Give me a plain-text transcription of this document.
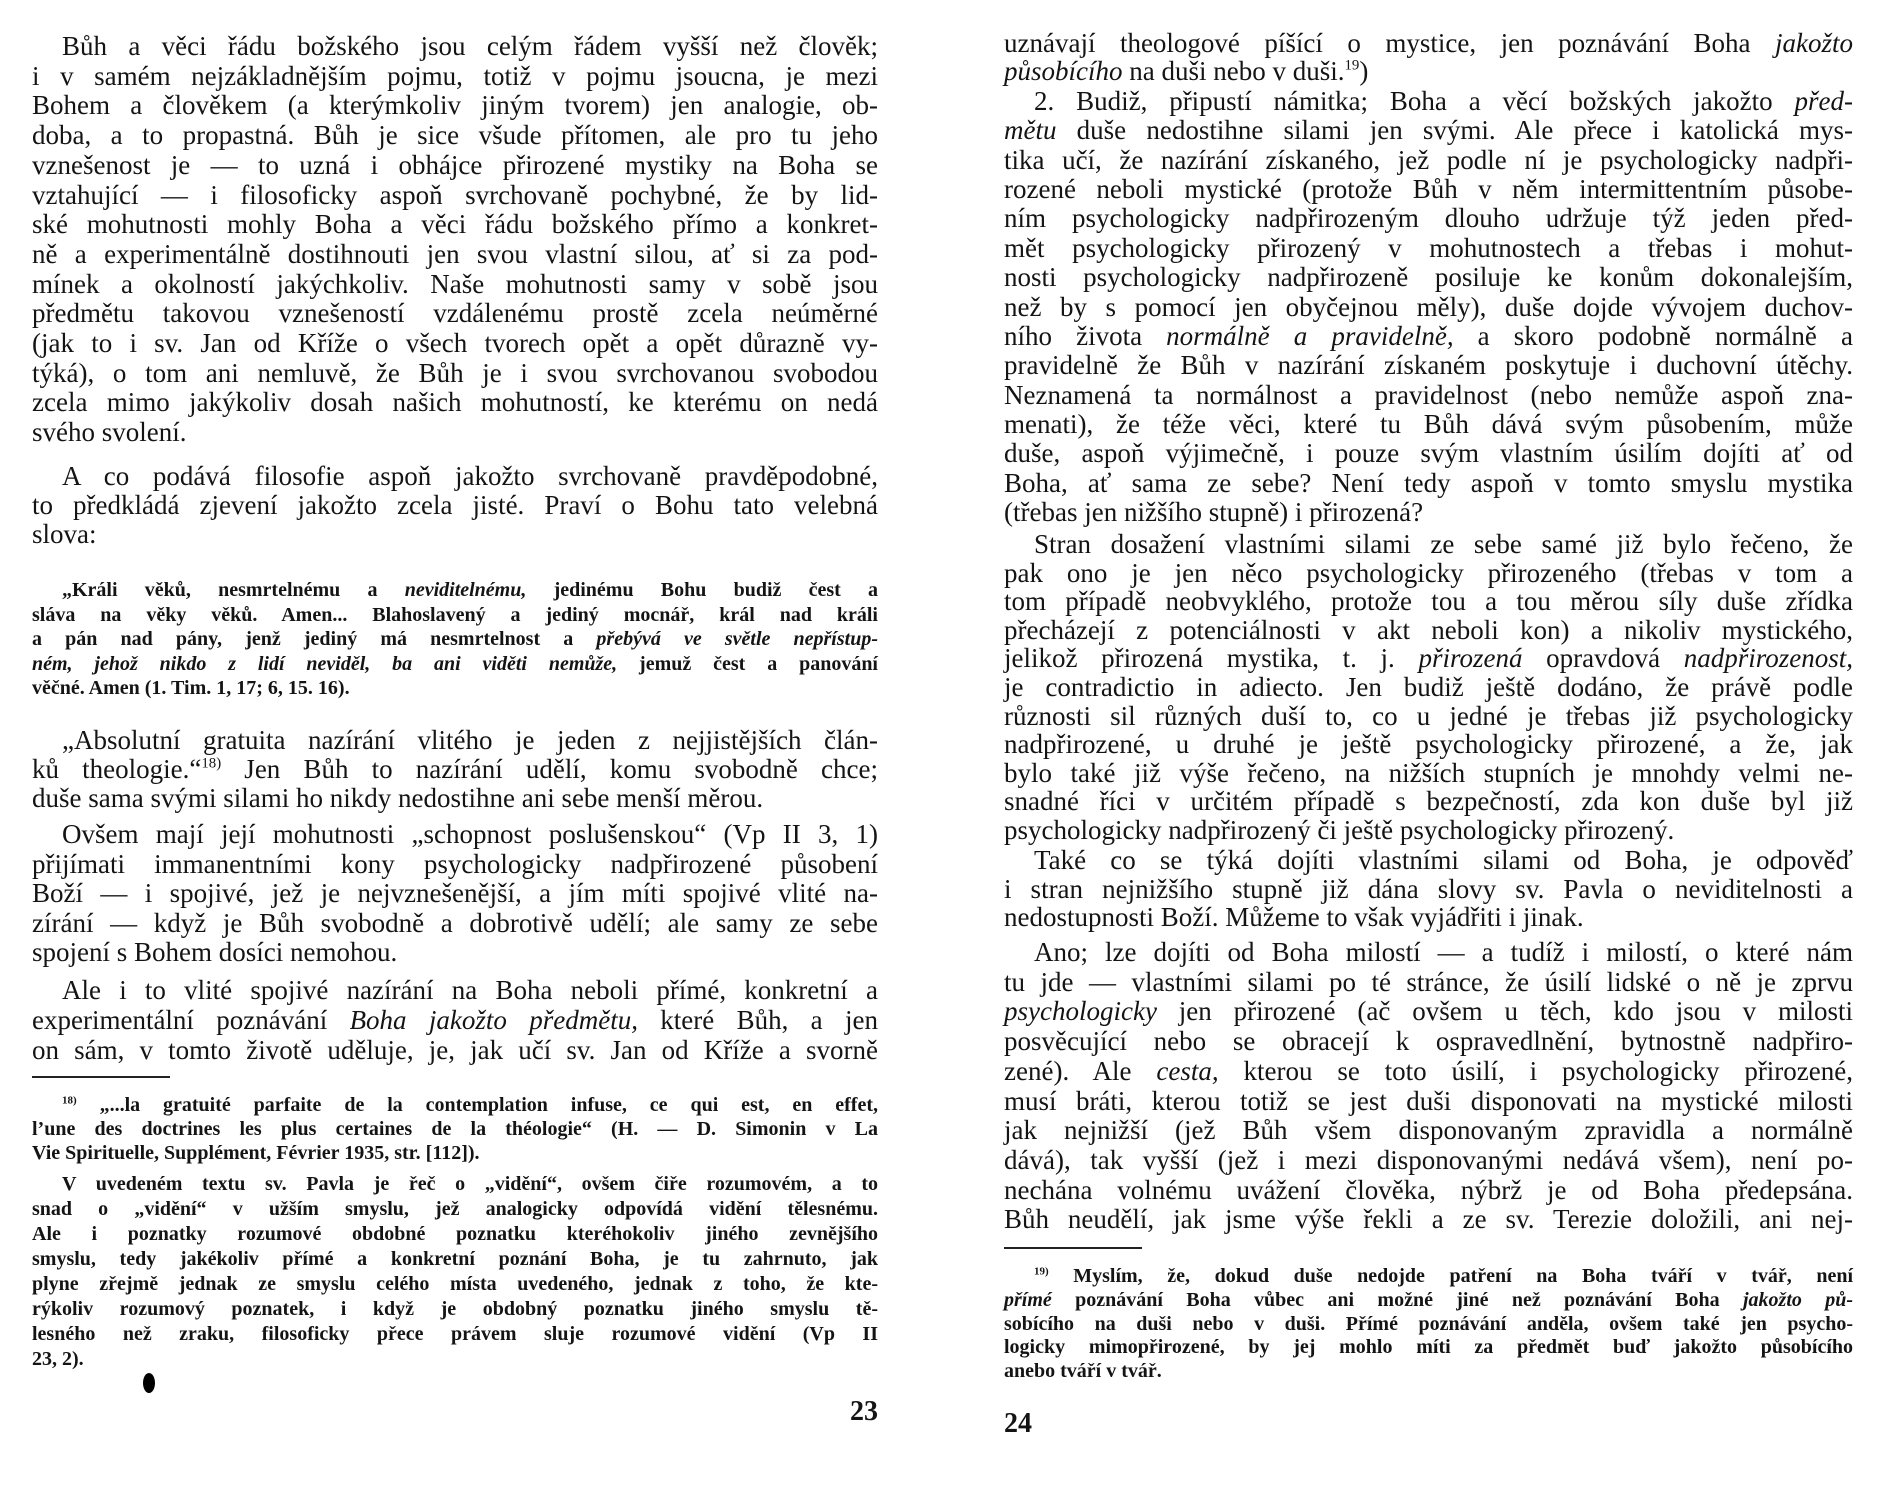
23
Bůh a věci řádu božského jsou celým řádem vyšší než člověk;
i v samém nejzákladnějším pojmu, totiž v pojmu jsoucna, je mezi
Bohem a člověkem (a kterýmkoliv jiným tvorem) jen analogie, ob-
doba, a to propastná. Bůh je sice všude přítomen, ale pro tu jeho
vznešenost je — to uzná i obhájce přirozené mystiky na Boha se
vztahující — i filosoficky aspoň svrchovaně pochybné, že by lid-
ské mohutnosti mohly Boha a věci řádu božského přímo a konkret-
ně a experimentálně dostihnouti jen svou vlastní silou, ať si za pod-
mínek a okolností jakýchkoliv. Naše mohutnosti samy v sobě jsou
předmětu takovou vznešeností vzdálenému prostě zcela neúměrné
(jak to i sv. Jan od Kříže o všech tvorech opět a opět důrazně vy-
týká), o tom ani nemluvě, že Bůh je i svou svrchovanou svobodou
zcela mimo jakýkoliv dosah našich mohutností, ke kterému on nedá
svého svolení.
A co podává filosofie aspoň jakožto svrchovaně pravděpodobné,
to předkládá zjevení jakožto zcela jisté. Praví o Bohu tato velebná
slova:
„Králi věků, nesmrtelnému a neviditelnému, jedinému Bohu budiž čest a
sláva na věky věků. Amen... Blahoslavený a jediný mocnář, král nad králi
a pán nad pány, jenž jediný má nesmrtelnost a přebývá ve světle nepřístup-
ném, jehož nikdo z lidí neviděl, ba ani viděti nemůže, jemuž čest a panování
věčné. Amen (1. Tim. 1, 17; 6, 15. 16).
„Absolutní gratuita nazírání vlitého je jeden z nejjistějších člán-
ků theologie.“$^{18)}$ Jen Bůh to nazírání udělí, komu svobodně chce;
duše sama svými silami ho nikdy nedostihne ani sebe menší měrou.
Ovšem mají její mohutnosti „schopnost poslušenskou“ (Vp II 3, 1)
přijímati immanentními kony psychologicky nadpřirozené působení
Boží — i spojivé, jež je nejvznešenější, a jím míti spojivé vlité na-
zírání — když je Bůh svobodně a dobrotivě udělí; ale samy ze sebe
spojení s Bohem dosíci nemohou.
Ale i to vlité spojivé nazírání na Boha neboli přímé, konkretní a
experimentální poznávání Boha jakožto předmětu, které Bůh, a jen
on sám, v tomto životě uděluje, je, jak učí sv. Jan od Kříže a svorně
$^{18)}$ „...la gratuité parfaite de la contemplation infuse, ce qui est, en effet,
l’une des doctrines les plus certaines de la théologie“ (H. — D. Simonin v La
Vie Spirituelle, Supplément, Février 1935, str. [112]).
V uvedeném textu sv. Pavla je řeč o „vidění“, ovšem čiře rozumovém, a to
snad o „vidění“ v užším smyslu, jež analogicky odpovídá vidění tělesnému.
Ale i poznatky rozumové obdobné poznatku kteréhokoliv jiného zevnějšího
smyslu, tedy jakékoliv přímé a konkretní poznání Boha, je tu zahrnuto, jak
plyne zřejmě jednak ze smyslu celého místa uvedeného, jednak z toho, že kte-
rýkoliv rozumový poznatek, i když je obdobný poznatku jiného smyslu tě-
lesného než zraku, filosoficky přece právem sluje rozumové vidění (Vp II
23, 2).
24
uznávají theologové píšící o mystice, jen poznávání Boha jakožto
působícího na duši nebo v duši.$^{19}$)
2. Budiž, připustí námitka; Boha a věcí božských jakožto před-
mětu duše nedostihne silami jen svými. Ale přece i katolická mys-
tika učí, že nazírání získaného, jež podle ní je psychologicky nadpři-
rozené neboli mystické (protože Bůh v něm intermittentním působe-
ním psychologicky nadpřirozeným dlouho udržuje týž jeden před-
mět psychologicky přirozený v mohutnostech a třebas i mohut-
nosti psychologicky nadpřirozeně posiluje ke konům dokonalejším,
než by s pomocí jen obyčejnou měly), duše dojde vývojem duchov-
ního života normálně a pravidelně, a skoro podobně normálně a
pravidelně že Bůh v nazírání získaném poskytuje i duchovní útěchy.
Neznamená ta normálnost a pravidelnost (nebo nemůže aspoň zna-
menati), že téže věci, které tu Bůh dává svým působením, může
duše, aspoň výjimečně, i pouze svým vlastním úsilím dojíti ať od
Boha, ať sama ze sebe? Není tedy aspoň v tomto smyslu mystika
(třebas jen nižšího stupně) i přirozená?
Stran dosažení vlastními silami ze sebe samé již bylo řečeno, že
pak ono je jen něco psychologicky přirozeného (třebas v tom a
tom případě neobvyklého, protože tou a tou měrou síly duše zřídka
přecházejí z potenciálnosti v akt neboli kon) a nikoliv mystického,
jelikož přirozená mystika, t. j. přirozená opravdová nadpřirozenost,
je contradictio in adiecto. Jen budiž ještě dodáno, že právě podle
různosti sil různých duší to, co u jedné je třebas již psychologicky
nadpřirozené, u druhé je ještě psychologicky přirozené, a že, jak
bylo také již výše řečeno, na nižších stupních je mnohdy velmi ne-
snadné říci v určitém případě s bezpečností, zda kon duše byl již
psychologicky nadpřirozený či ještě psychologicky přirozený.
Také co se týká dojíti vlastními silami od Boha, je odpověď
i stran nejnižšího stupně již dána slovy sv. Pavla o neviditelnosti a
nedostupnosti Boží. Můžeme to však vyjádřiti i jinak.
Ano; lze dojíti od Boha milostí — a tudíž i milostí, o které nám
tu jde — vlastními silami po té stránce, že úsilí lidské o ně je zprvu
psychologicky jen přirozené (ač ovšem u těch, kdo jsou v milosti
posvěcující nebo se obracejí k ospravedlnění, bytnostně nadpřiro-
zené). Ale cesta, kterou se toto úsilí, i psychologicky přirozené,
musí bráti, kterou totiž se jest duši disponovati na mystické milosti
jak nejnižší (jež Bůh všem disponovaným zpravidla a normálně
dává), tak vyšší (jež i mezi disponovanými nedává všem), není po-
nechána volnému uvážení člověka, nýbrž je od Boha předepsána.
Bůh neudělí, jak jsme výše řekli a ze sv. Terezie doložili, ani nej-
$^{19)}$ Myslím, že, dokud duše nedojde patření na Boha tváří v tvář, není
přímé poznávání Boha vůbec ani možné jiné než poznávání Boha jakožto pů-
sobícího na duši nebo v duši. Přímé poznávání anděla, ovšem také jen psycho-
logicky mimopřirozené, by jej mohlo míti za předmět buď jakožto působícího
anebo tváří v tvář.
